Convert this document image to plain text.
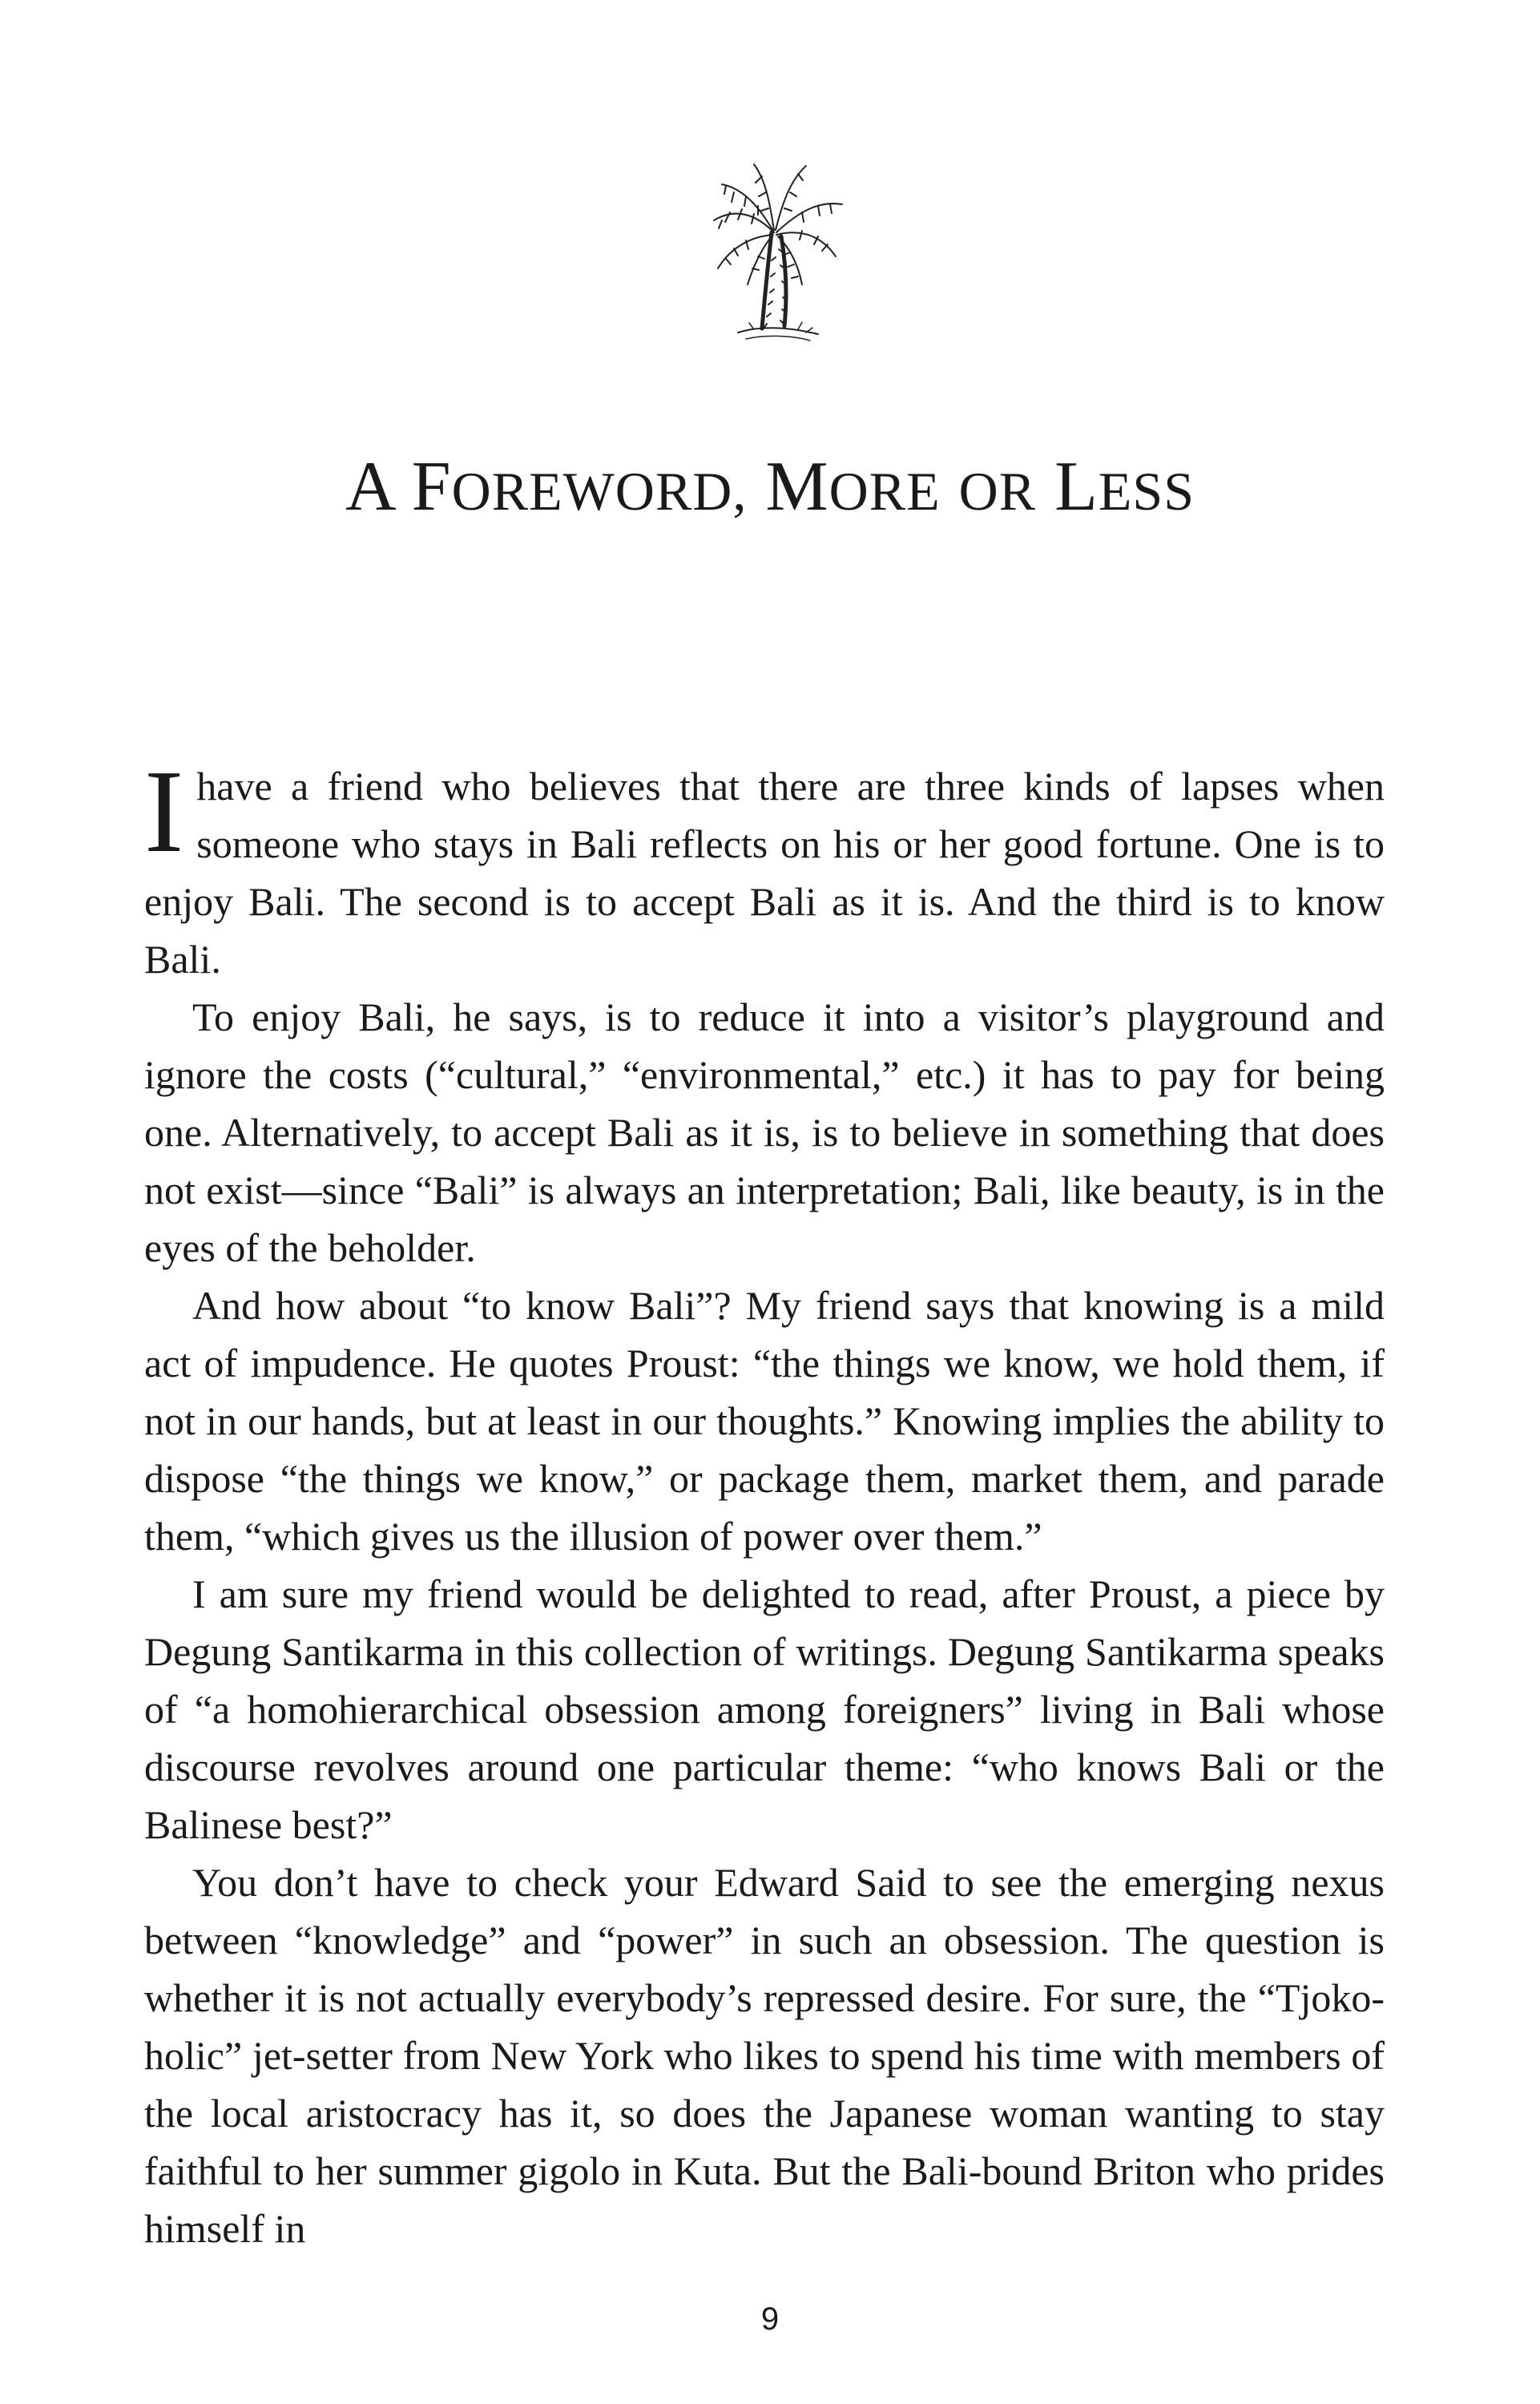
A FOREWORD, MORE OR LESS

Ihave a friend who believes that there are three kinds of lapses when someone who stays in Bali reflects on his or her good fortune. One is to enjoy Bali. The second is to accept Bali as it is. And the third is to know Bali.

To enjoy Bali, he says, is to reduce it into a visitor’s playground and ignore the costs (“cultural,” “environmental,” etc.) it has to pay for being one. Alternatively, to accept Bali as it is, is to believe in something that does not exist—since “Bali” is always an interpretation; Bali, like beauty, is in the eyes of the beholder.

And how about “to know Bali”? My friend says that knowing is a mild act of impudence. He quotes Proust: “the things we know, we hold them, if not in our hands, but at least in our thoughts.” Knowing implies the ability to dispose “the things we know,” or package them, market them, and parade them, “which gives us the illusion of power over them.”

I am sure my friend would be delighted to read, after Proust, a piece by Degung Santikarma in this collection of writings. Degung Santikarma speaks of “a homohierarchical obsession among foreigners” living in Bali whose discourse revolves around one particular theme: “who knows Bali or the Balinese best?”

You don’t have to check your Edward Said to see the emerging nexus between “knowledge” and “power” in such an obsession. The question is whether it is not actually everybody’s repressed desire. For sure, the “Tjoko-holic” jet-setter from New York who likes to spend his time with members of the local aristocracy has it, so does the Japanese woman wanting to stay faithful to her summer gigolo in Kuta. But the Bali-bound Briton who prides himself in

9
